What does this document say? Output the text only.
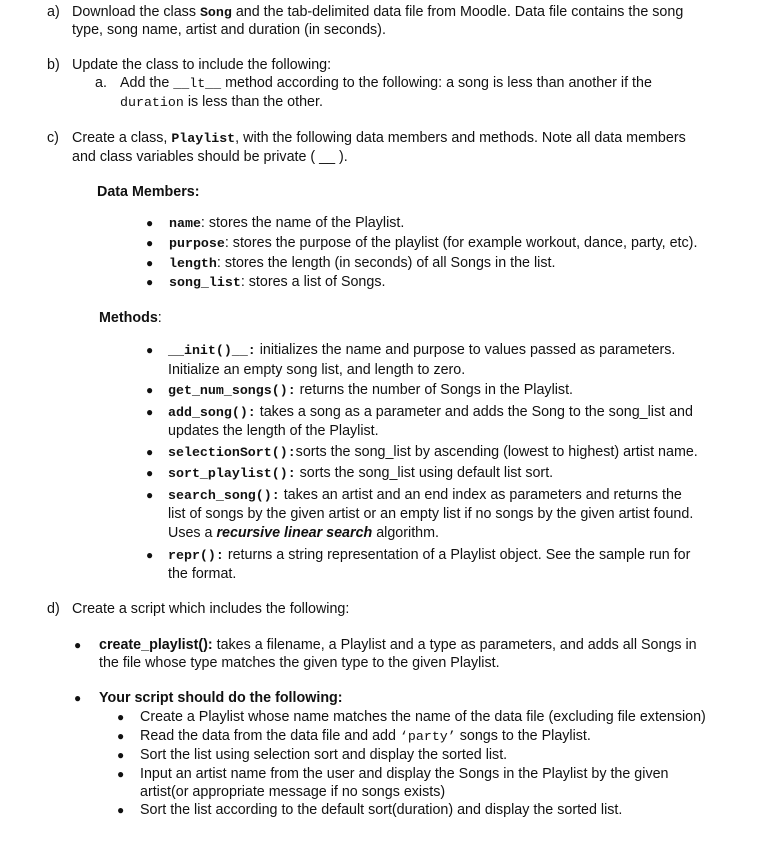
a) Download the class Song and the tab-delimited data file from Moodle. Data file contains the song
type, song name, artist and duration (in seconds).
b) Update the class to include the following:
a. Add the __lt__ method according to the following: a song is less than another if the
duration is less than the other.
c) Create a class, Playlist, with the following data members and methods. Note all data members
and class variables should be private ( __ ).
Data Members:
● name: stores the name of the Playlist.
● purpose: stores the purpose of the playlist (for example workout, dance, party, etc).
● length: stores the length (in seconds) of all Songs in the list.
● song_list: stores a list of Songs.
Methods:
● __init()__: initializes the name and purpose to values passed as parameters.
Initialize an empty song list, and length to zero.
● get_num_songs(): returns the number of Songs in the Playlist.
● add_song(): takes a song as a parameter and adds the Song to the song_list and
updates the length of the Playlist.
● selectionSort():sorts the song_list by ascending (lowest to highest) artist name.
● sort_playlist(): sorts the song_list using default list sort.
● search_song(): takes an artist and an end index as parameters and returns the
list of songs by the given artist or an empty list if no songs by the given artist found.
Uses a recursive linear search algorithm.
● repr(): returns a string representation of a Playlist object. See the sample run for
the format.
d) Create a script which includes the following:
● create_playlist(): takes a filename, a Playlist and a type as parameters, and adds all Songs in
the file whose type matches the given type to the given Playlist.
● Your script should do the following:
● Create a Playlist whose name matches the name of the data file (excluding file extension)
● Read the data from the data file and add ‘party’ songs to the Playlist.
● Sort the list using selection sort and display the sorted list.
● Input an artist name from the user and display the Songs in the Playlist by the given
artist(or appropriate message if no songs exists)
● Sort the list according to the default sort(duration) and display the sorted list.
